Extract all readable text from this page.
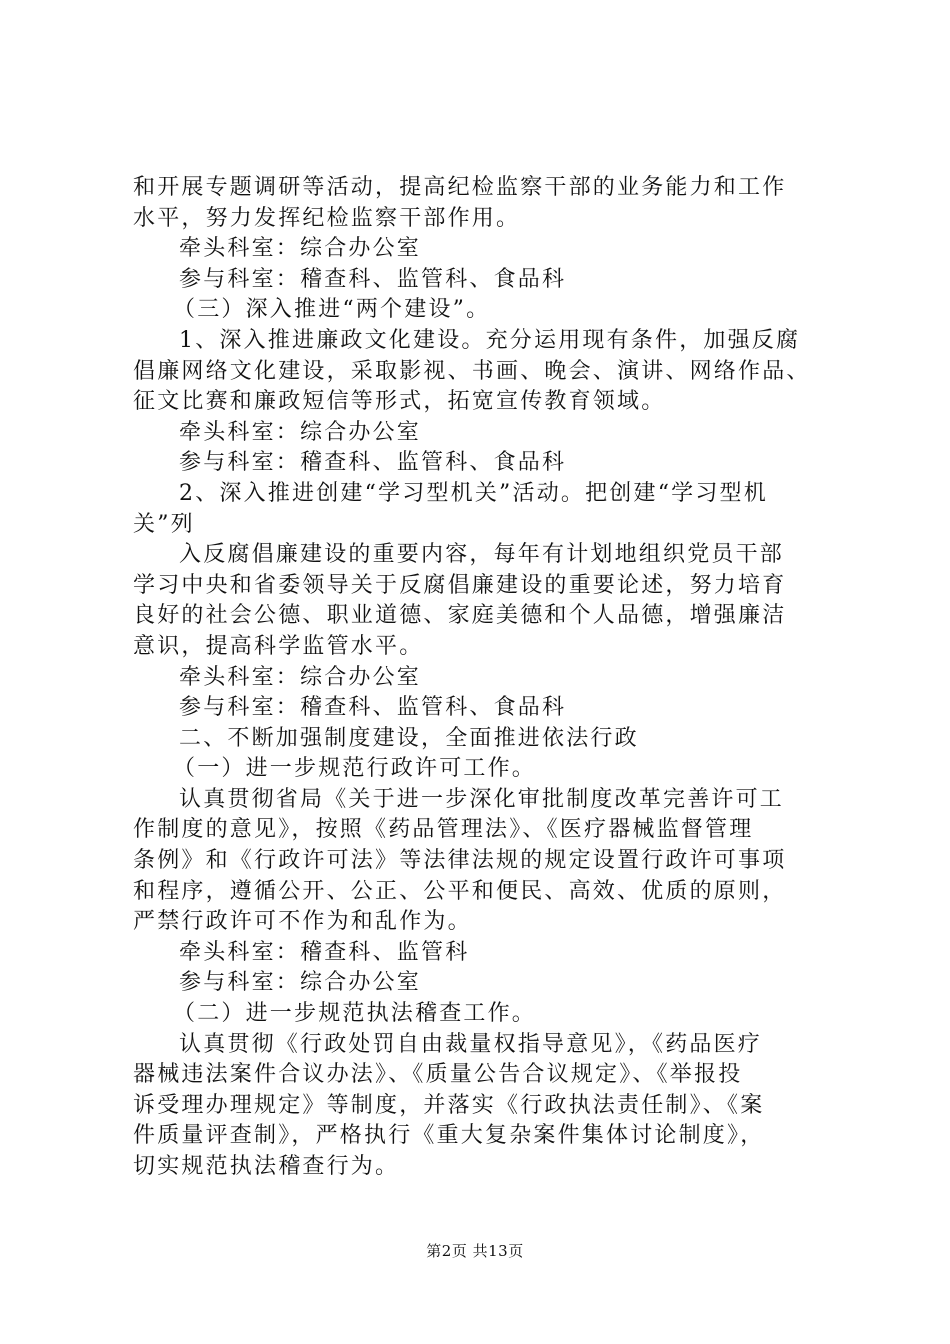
和开展专题调研等活动，提高纪检监察干部的业务能力和工作
水平，努力发挥纪检监察干部作用。
牵头科室：综合办公室
参与科室：稽查科、监管科、食品科
（三）深入推进“两个建设”。
1、深入推进廉政文化建设。充分运用现有条件，加强反腐
倡廉网络文化建设，采取影视、书画、晚会、演讲、网络作品、
征文比赛和廉政短信等形式，拓宽宣传教育领域。
牵头科室：综合办公室
参与科室：稽查科、监管科、食品科
2、深入推进创建“学习型机关”活动。把创建“学习型机
关”列
入反腐倡廉建设的重要内容，每年有计划地组织党员干部
学习中央和省委领导关于反腐倡廉建设的重要论述，努力培育
良好的社会公德、职业道德、家庭美德和个人品德，增强廉洁
意识，提高科学监管水平。
牵头科室：综合办公室
参与科室：稽查科、监管科、食品科
二、不断加强制度建设，全面推进依法行政
（一）进一步规范行政许可工作。
认真贯彻省局《关于进一步深化审批制度改革完善许可工
作制度的意见》，按照《药品管理法》、《医疗器械监督管理
条例》和《行政许可法》等法律法规的规定设置行政许可事项
和程序，遵循公开、公正、公平和便民、高效、优质的原则，
严禁行政许可不作为和乱作为。
牵头科室：稽查科、监管科
参与科室：综合办公室
（二）进一步规范执法稽查工作。
认真贯彻《行政处罚自由裁量权指导意见》，《药品医疗
器械违法案件合议办法》、《质量公告合议规定》、《举报投
诉受理办理规定》等制度，并落实《行政执法责任制》、《案
件质量评查制》，严格执行《重大复杂案件集体讨论制度》，
切实规范执法稽查行为。
第2页 共13页
